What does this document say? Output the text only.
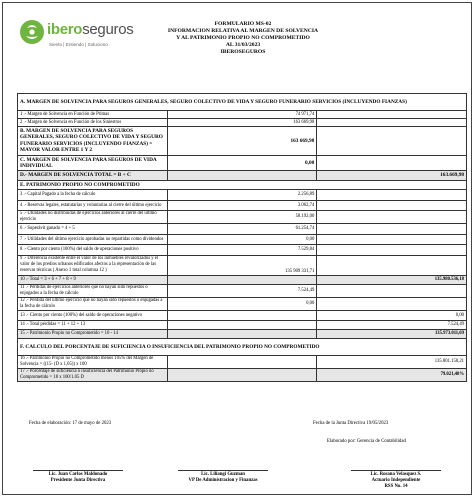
iberoseguros
Siento | Entiendo | Soluciono
FORMULARIO MS-02
INFORMACION RELATIVA AL MARGEN DE SOLVENCIA
Y AL PATRIMONIO PROPIO NO COMPROMETIDO
AL 31/03/2023
IBEROSEGUROS
A. MARGEN DE SOLVENCIA PARA SEGUROS GENERALES, SEGURO COLECTIVO DE VIDA Y SEGURO FUNERARIO SERVICIOS (INCLUYENDO FIANZAS)		
1 .- Margen de Solvencia en Función de Primas	74 971,74	
2 .- Margen de Solvencia en Función de los Siniestros	163 669,98	
B. MARGEN DE SOLVENCIA PARA SEGUROS GENERALES, SEGURO COLECTIVO DE VIDA Y SEGURO FUNERARIO SERVICIOS (INCLUYENDO FIANZAS) = MAYOR VALOR ENTRE 1 Y 2	163 669,98	
C. MARGEN DE SOLVENCIA PARA SEGUROS DE VIDA INDIVIDUAL	0,00	
D.- MARGEN DE SOLVENCIA TOTAL = B + C		163.669,98
E. PATRIMONIO PROPIO NO COMPROMETIDO		
3 .- Capital Pagado a la fecha de cálculo	2.256,89	
4 .- Reservas legales, estatutarias y voluntarias al cierre del último ejercicio	3.062,74	
5 .- Utilidades no distribuidas de ejercicios anteriores al cierre del último ejercicio	58.192,00	
6 .- Superávit ganado = 4 + 5	61.254,74	
7 .- Utilidades del último ejercicio aprobadas no repartidas como dividendos	0,00	
8 .- Ciento por ciento (100%) del saldo de operaciones positivo	7.529,84	
9 .- Diferencia existente entre el valor de los inmuebles revalorizados y el valor de los predios urbanos edificados afectos a la representación de las reservas técnicas ( Anexo 1 total columna 12 )	135 909 331,71	
10 .- Total = 3 + 6 + 7 + 8 + 9		135.980.536,18
11 .- Pérdidas de ejercicios anteriores que no hayan sido repuestos o enjugados a la fecha de cálculo	7.524,49	
12 .- Pérdida del último ejercicio que no hayan sido repuestos o enjugadas a la fecha de cálculo	0,00	
13 .- Ciento por ciento (100%) del saldo de operaciones negativo		0,00
14 .- Total pérdidas = 11 + 12 + 13		7.524,49
15 .- Patrimonio Propio no Comprometido = 10 - 14		135.973.011,69
F. CALCULO DEL PORCENTAJE DE SUFICIENCIA O INSUFICIENCIA DEL PATRIMONIO PROPIO NO COMPROMETIDO		
16 .- Patrimonio Propio no Comprometido menos 105% del Margen de Solvencia = ((15- (D x 1,05)) x 100		135.801.158,21
17 .- Porcentaje de suficiencia o insuficiencia del Patrimonio Propio no Comprometido = 18 x 100/1.05 D		79.021,48%
Fecha de elaboración: 17 de mayo de 2023	Fecha de la Junta Directiva 19/05/2023
Elaborado por: Gerencia de Contabilidad
Lic. Juan Carlos Maldonado
Presidente Junta Directiva
Lic. Liliangi Guzman
VP De Administracion y Finanzas
Lic. Rosana Velasquez S.
Actuario Independiente
RSS No. 14
